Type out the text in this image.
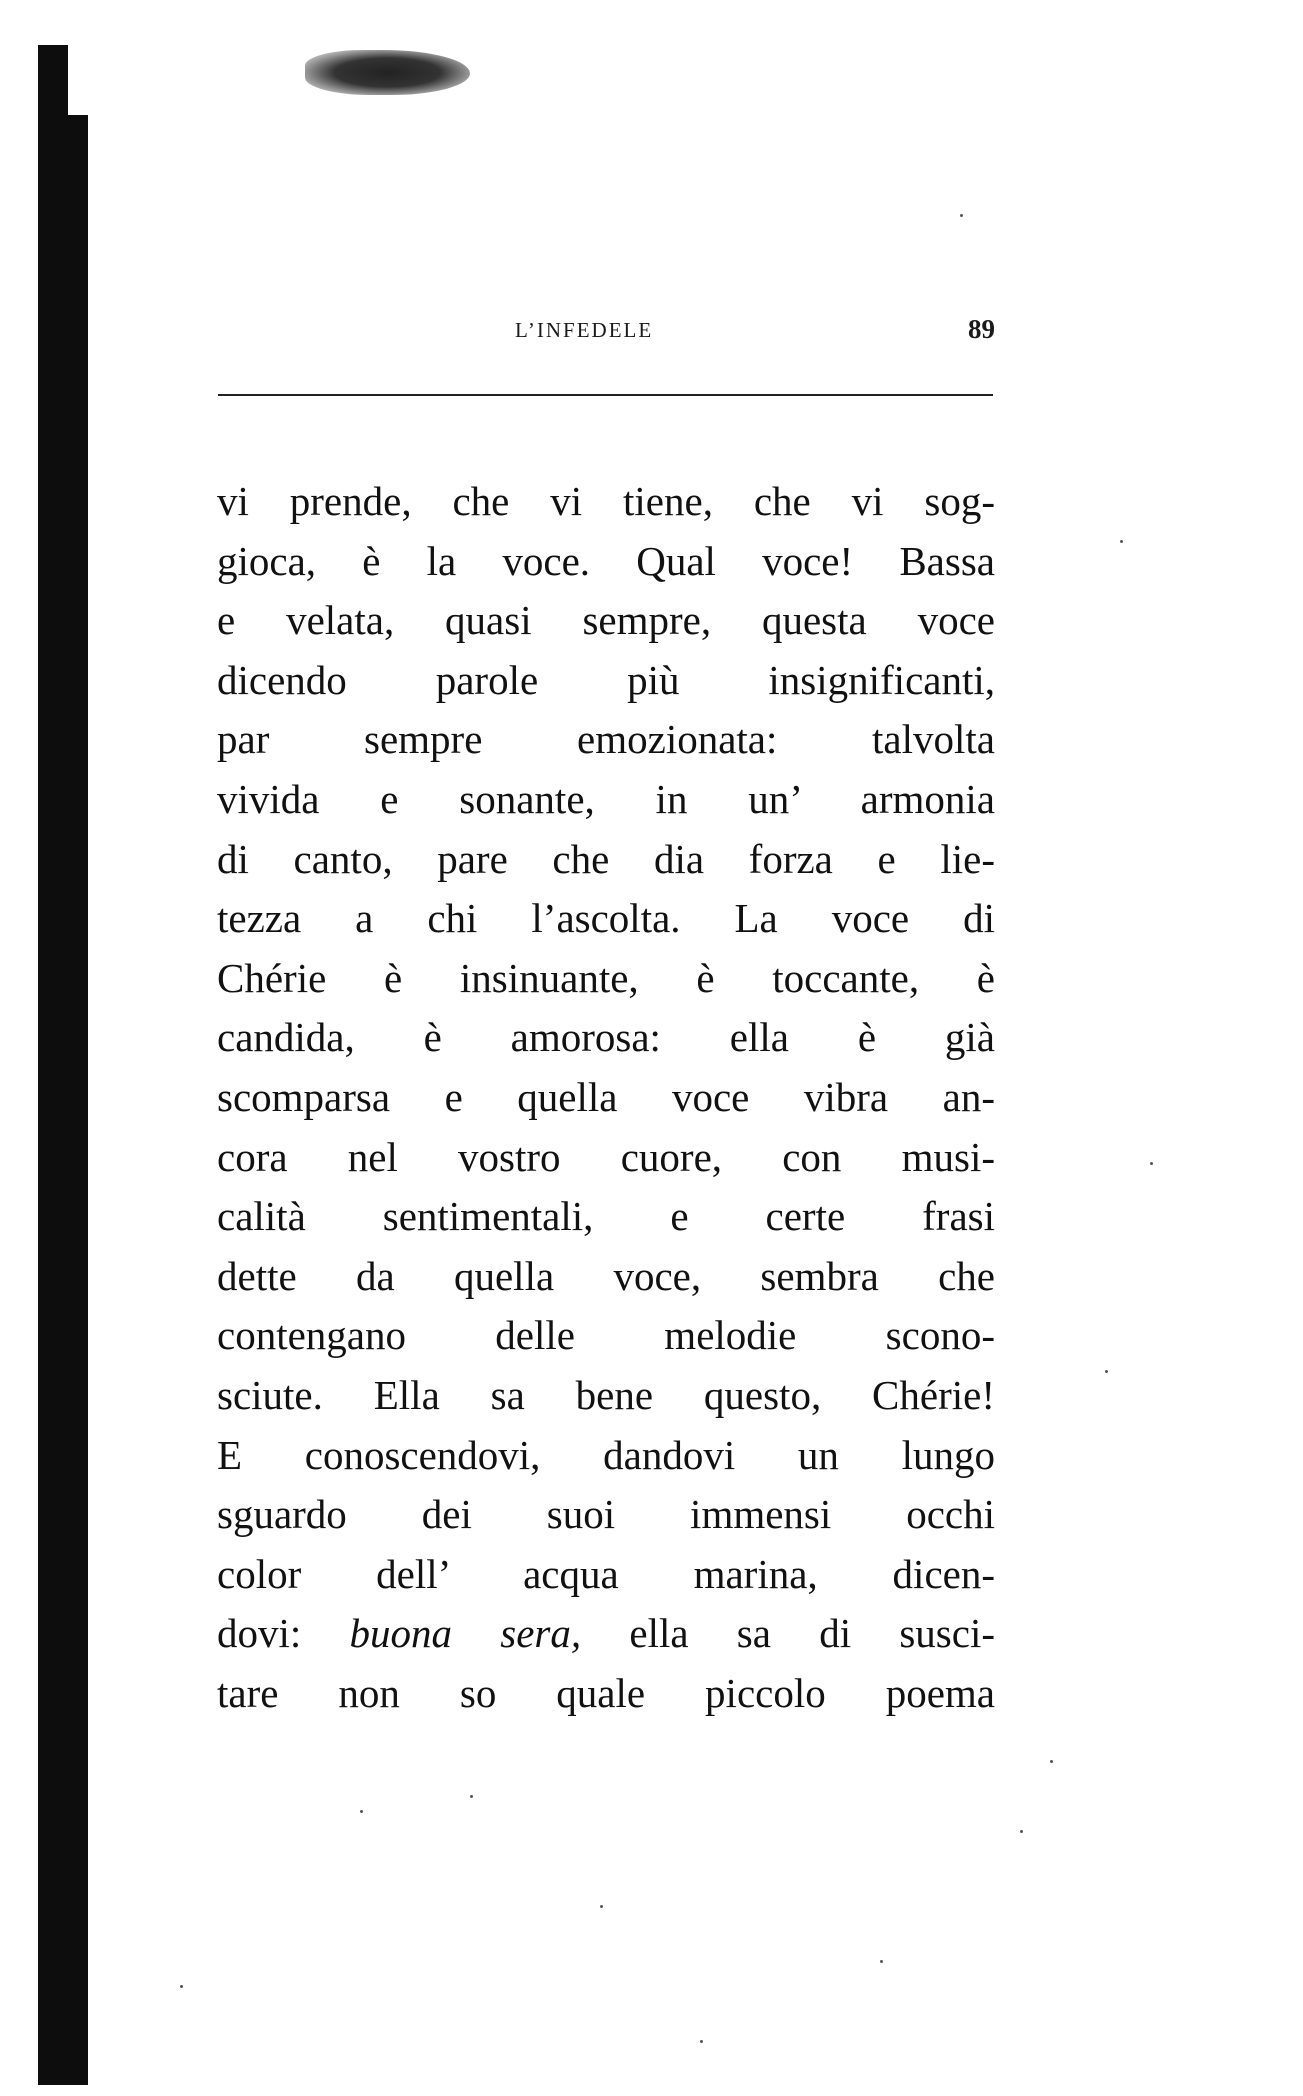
L’INFEDELE	89
vi prende, che vi tiene, che vi sog-
gioca, è la voce. Qual voce! Bassa
e velata, quasi sempre, questa voce
dicendo parole più insignificanti,
par sempre emozionata: talvolta
vivida e sonante, in un’ armonia
di canto, pare che dia forza e lie-
tezza a chi l’ascolta. La voce di
Chérie è insinuante, è toccante, è
candida, è amorosa: ella è già
scomparsa e quella voce vibra an-
cora nel vostro cuore, con musi-
calità sentimentali, e certe frasi
dette da quella voce, sembra che
contengano delle melodie scono-
sciute. Ella sa bene questo, Chérie!
E conoscendovi, dandovi un lungo
sguardo dei suoi immensi occhi
color dell’ acqua marina, dicen-
dovi: buona sera, ella sa di susci-
tare non so quale piccolo poema
